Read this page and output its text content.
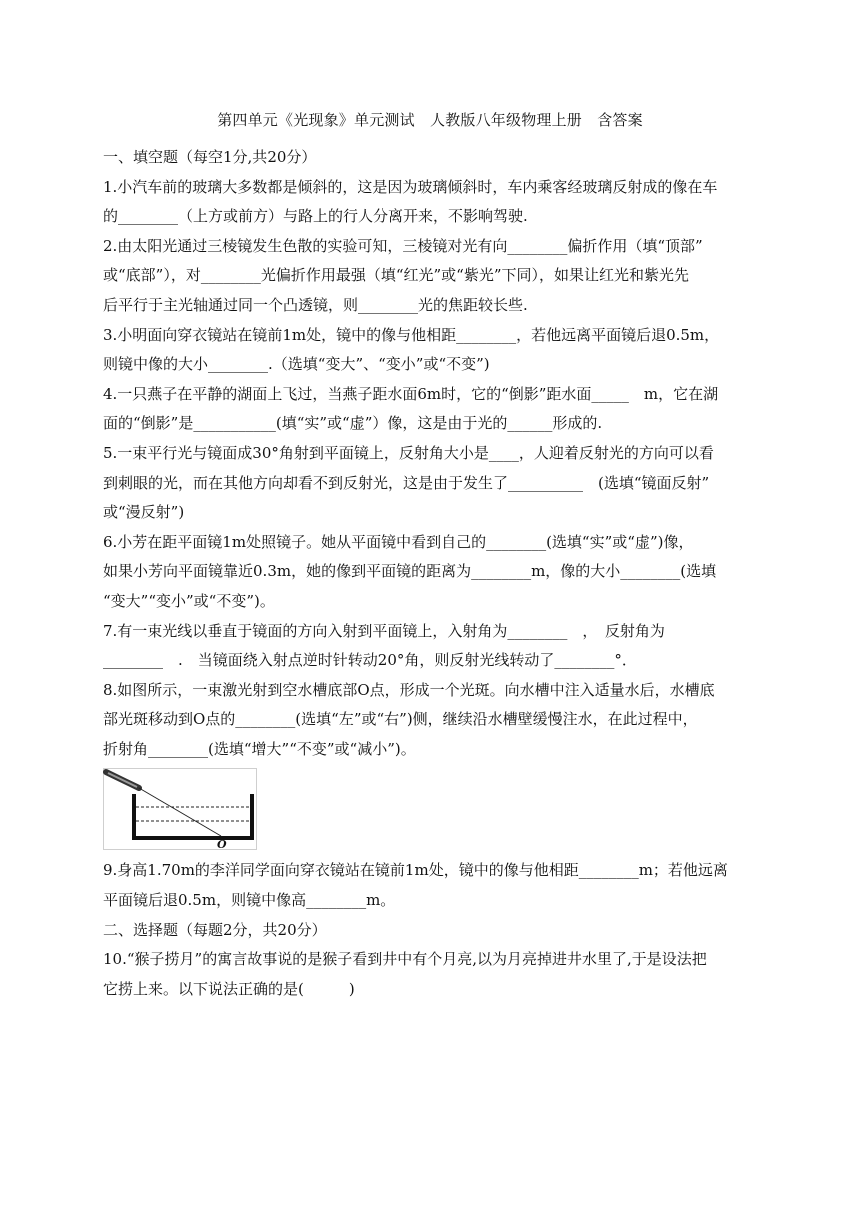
第四单元《光现象》单元测试　人教版八年级物理上册　含答案

一、填空题（每空1分,共20分）

1.小汽车前的玻璃大多数都是倾斜的，这是因为玻璃倾斜时，车内乘客经玻璃反射成的像在车

的________（上方或前方）与路上的行人分离开来，不影响驾驶.

2.由太阳光通过三棱镜发生色散的实验可知，三棱镜对光有向________偏折作用（填“顶部”

或“底部”），对________光偏折作用最强（填“红光”或“紫光”下同），如果让红光和紫光先

后平行于主光轴通过同一个凸透镜，则________光的焦距较长些.

3.小明面向穿衣镜站在镜前1m处，镜中的像与他相距________，若他远离平面镜后退0.5m，

则镜中像的大小________.（选填“变大”、“变小”或“不变”)

4.一只燕子在平静的湖面上飞过，当燕子距水面6m时，它的“倒影”距水面_____　m，它在湖

面的“倒影”是___________(填“实”或“虚”）像，这是由于光的______形成的.

5.一束平行光与镜面成30°角射到平面镜上，反射角大小是____，人迎着反射光的方向可以看

到刺眼的光，而在其他方向却看不到反射光，这是由于发生了__________　(选填“镜面反射”

或“漫反射”)

6.小芳在距平面镜1m处照镜子。她从平面镜中看到自己的________(选填“实”或“虚”)像，

如果小芳向平面镜靠近0.3m，她的像到平面镜的距离为________m，像的大小________(选填

“变大”“变小”或“不变”)。

7.有一束光线以垂直于镜面的方向入射到平面镜上，入射角为________　，　反射角为

________　.　当镜面绕入射点逆时针转动20°角，则反射光线转动了________°．

8.如图所示，一束激光射到空水槽底部O点，形成一个光斑。向水槽中注入适量水后，水槽底

部光斑移动到O点的________(选填“左”或“右”)侧，继续沿水槽壁缓慢注水，在此过程中，

折射角________(选填“增大”“不变”或“减小”)。

O

9.身高1.70m的李洋同学面向穿衣镜站在镜前1m处，镜中的像与他相距________m；若他远离

平面镜后退0.5m，则镜中像高________m。

二、选择题（每题2分，共20分）

10.“猴子捞月”的寓言故事说的是猴子看到井中有个月亮,以为月亮掉进井水里了,于是设法把

它捞上来。以下说法正确的是(　　　)
